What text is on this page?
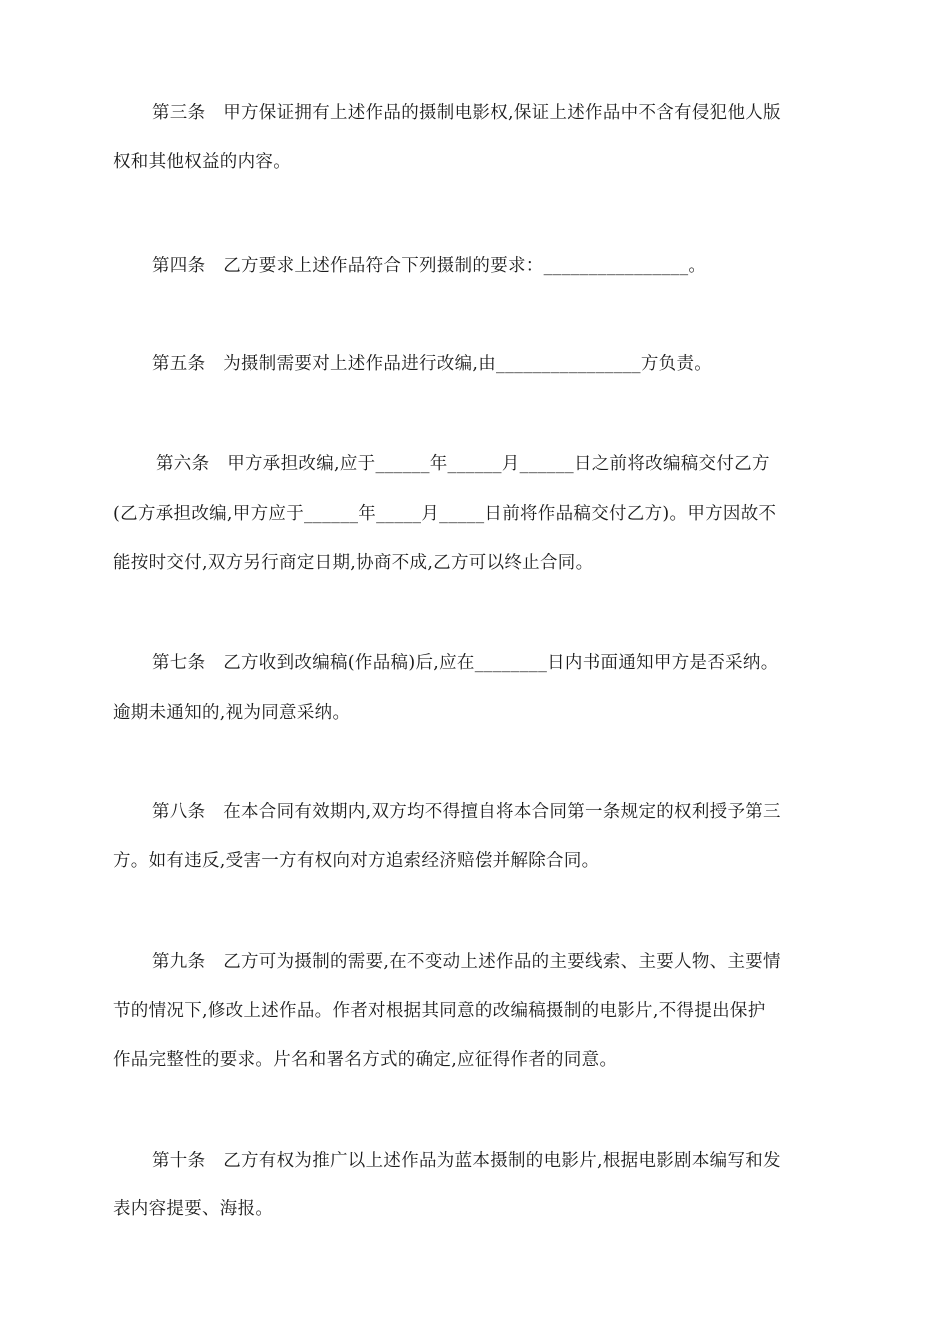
第三条　甲方保证拥有上述作品的摄制电影权,保证上述作品中不含有侵犯他人版
权和其他权益的内容。
第四条　乙方要求上述作品符合下列摄制的要求：________________。
第五条　为摄制需要对上述作品进行改编,由________________方负责。
第六条　甲方承担改编,应于______年______月______日之前将改编稿交付乙方
(乙方承担改编,甲方应于______年_____月_____日前将作品稿交付乙方)。甲方因故不
能按时交付,双方另行商定日期,协商不成,乙方可以终止合同。
第七条　乙方收到改编稿(作品稿)后,应在________日内书面通知甲方是否采纳。
逾期未通知的,视为同意采纳。
第八条　在本合同有效期内,双方均不得擅自将本合同第一条规定的权利授予第三
方。如有违反,受害一方有权向对方追索经济赔偿并解除合同。
第九条　乙方可为摄制的需要,在不变动上述作品的主要线索、主要人物、主要情
节的情况下,修改上述作品。作者对根据其同意的改编稿摄制的电影片,不得提出保护
作品完整性的要求。片名和署名方式的确定,应征得作者的同意。
第十条　乙方有权为推广以上述作品为蓝本摄制的电影片,根据电影剧本编写和发
表内容提要、海报。
